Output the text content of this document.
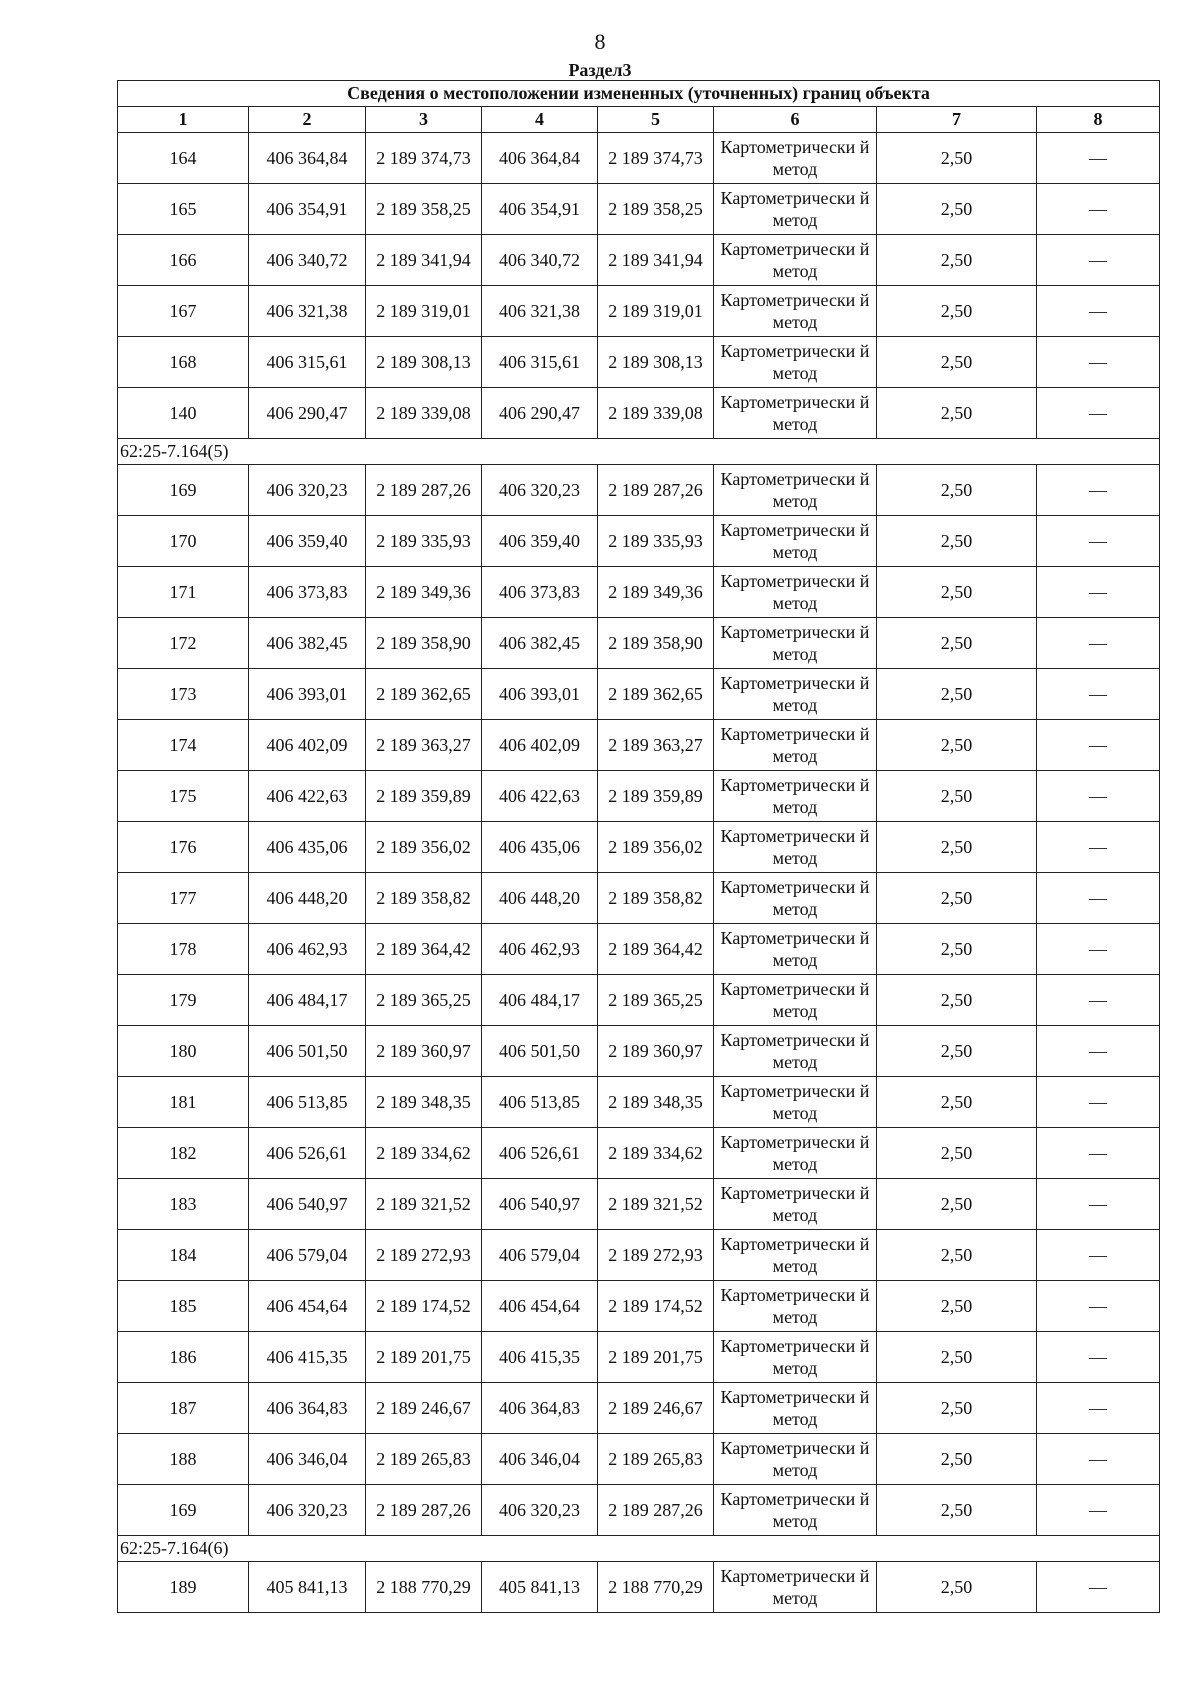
8
Раздел3
Сведения о местоположении измененных (уточненных) границ объекта							
1	2	3	4	5	6	7	8
164	406 364,84	2 189 374,73	406 364,84	2 189 374,73	Картометрически й метод	2,50	—
165	406 354,91	2 189 358,25	406 354,91	2 189 358,25	Картометрически й метод	2,50	—
166	406 340,72	2 189 341,94	406 340,72	2 189 341,94	Картометрически й метод	2,50	—
167	406 321,38	2 189 319,01	406 321,38	2 189 319,01	Картометрически й метод	2,50	—
168	406 315,61	2 189 308,13	406 315,61	2 189 308,13	Картометрически й метод	2,50	—
140	406 290,47	2 189 339,08	406 290,47	2 189 339,08	Картометрически й метод	2,50	—
62:25-7.164(5)							
169	406 320,23	2 189 287,26	406 320,23	2 189 287,26	Картометрически й метод	2,50	—
170	406 359,40	2 189 335,93	406 359,40	2 189 335,93	Картометрически й метод	2,50	—
171	406 373,83	2 189 349,36	406 373,83	2 189 349,36	Картометрически й метод	2,50	—
172	406 382,45	2 189 358,90	406 382,45	2 189 358,90	Картометрически й метод	2,50	—
173	406 393,01	2 189 362,65	406 393,01	2 189 362,65	Картометрически й метод	2,50	—
174	406 402,09	2 189 363,27	406 402,09	2 189 363,27	Картометрически й метод	2,50	—
175	406 422,63	2 189 359,89	406 422,63	2 189 359,89	Картометрически й метод	2,50	—
176	406 435,06	2 189 356,02	406 435,06	2 189 356,02	Картометрически й метод	2,50	—
177	406 448,20	2 189 358,82	406 448,20	2 189 358,82	Картометрически й метод	2,50	—
178	406 462,93	2 189 364,42	406 462,93	2 189 364,42	Картометрически й метод	2,50	—
179	406 484,17	2 189 365,25	406 484,17	2 189 365,25	Картометрически й метод	2,50	—
180	406 501,50	2 189 360,97	406 501,50	2 189 360,97	Картометрически й метод	2,50	—
181	406 513,85	2 189 348,35	406 513,85	2 189 348,35	Картометрически й метод	2,50	—
182	406 526,61	2 189 334,62	406 526,61	2 189 334,62	Картометрически й метод	2,50	—
183	406 540,97	2 189 321,52	406 540,97	2 189 321,52	Картометрически й метод	2,50	—
184	406 579,04	2 189 272,93	406 579,04	2 189 272,93	Картометрически й метод	2,50	—
185	406 454,64	2 189 174,52	406 454,64	2 189 174,52	Картометрически й метод	2,50	—
186	406 415,35	2 189 201,75	406 415,35	2 189 201,75	Картометрически й метод	2,50	—
187	406 364,83	2 189 246,67	406 364,83	2 189 246,67	Картометрически й метод	2,50	—
188	406 346,04	2 189 265,83	406 346,04	2 189 265,83	Картометрически й метод	2,50	—
169	406 320,23	2 189 287,26	406 320,23	2 189 287,26	Картометрически й метод	2,50	—
62:25-7.164(6)							
189	405 841,13	2 188 770,29	405 841,13	2 188 770,29	Картометрически й метод	2,50	—
